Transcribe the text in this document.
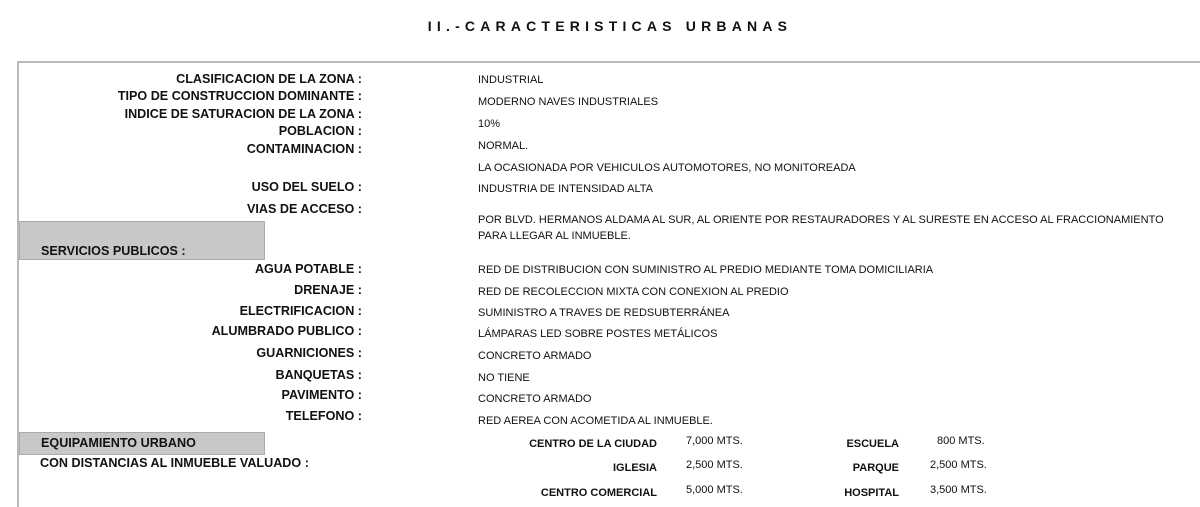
II.-CARACTERISTICAS URBANAS
CLASIFICACION DE LA ZONA :	INDUSTRIAL
TIPO DE CONSTRUCCION DOMINANTE :	MODERNO NAVES INDUSTRIALES
INDICE DE SATURACION DE LA ZONA :
10%
POBLACION :
NORMAL.
CONTAMINACION :
LA OCASIONADA POR VEHICULOS AUTOMOTORES, NO MONITOREADA
USO DEL SUELO :	INDUSTRIA DE INTENSIDAD ALTA
VIAS DE ACCESO :
POR BLVD. HERMANOS ALDAMA AL SUR, AL ORIENTE POR RESTAURADORES Y AL SURESTE EN ACCESO AL FRACCIONAMIENTO PARA LLEGAR AL INMUEBLE.
SERVICIOS PUBLICOS :
AGUA POTABLE :	RED DE DISTRIBUCION CON SUMINISTRO AL PREDIO MEDIANTE TOMA DOMICILIARIA
DRENAJE :	RED DE RECOLECCION MIXTA CON CONEXION AL PREDIO
ELECTRIFICACION :	SUMINISTRO A TRAVES DE REDSUBTERRÁNEA
ALUMBRADO PUBLICO :	LÁMPARAS LED SOBRE POSTES METÁLICOS
GUARNICIONES :	CONCRETO ARMADO
BANQUETAS :	NO TIENE
PAVIMENTO :	CONCRETO ARMADO
TELEFONO :	RED AEREA CON ACOMETIDA AL INMUEBLE.
EQUIPAMIENTO URBANO
CON DISTANCIAS AL INMUEBLE VALUADO :
CENTRO DE LA CIUDAD	7,000 MTS.	ESCUELA	800 MTS.
IGLESIA	2,500 MTS.	PARQUE	2,500 MTS.
CENTRO COMERCIAL	5,000 MTS.	HOSPITAL	3,500 MTS.
